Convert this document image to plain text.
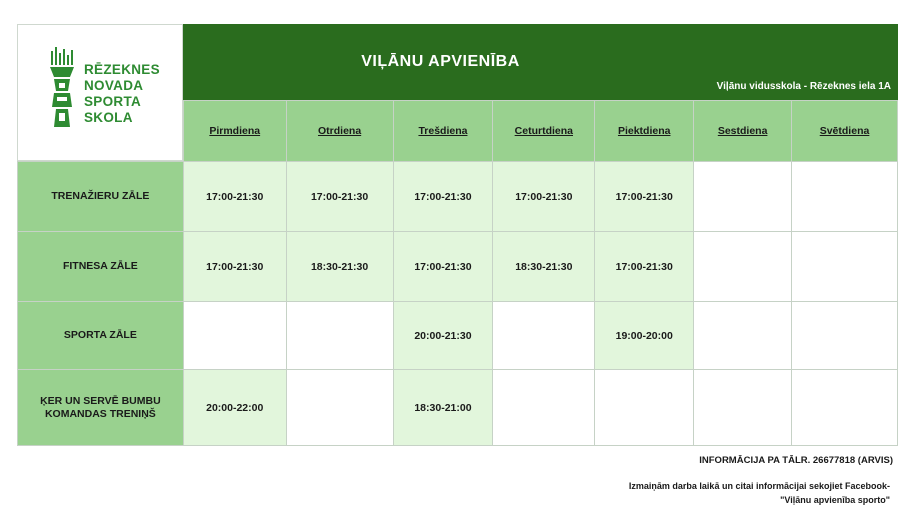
RĒZEKNES
NOVADA
SPORTA
SKOLA
VIĻĀNU APVIENĪBA
Viļānu vidusskola - Rēzeknes iela 1A
	Pirmdiena	Otrdiena	Trešdiena	Ceturtdiena	Piektdiena	Sestdiena	Svētdiena
TRENAŽIERU ZĀLE	17:00-21:30	17:00-21:30	17:00-21:30	17:00-21:30	17:00-21:30		
FITNESA ZĀLE	17:00-21:30	18:30-21:30	17:00-21:30	18:30-21:30	17:00-21:30		
SPORTA ZĀLE			20:00-21:30		19:00-20:00		

ĶER UN SERVĒ BUMBU
KOMANDAS TRENIŅŠ	20:00-22:00		18:30-21:00				
INFORMĀCIJA PA TĀLR. 26677818 (ARVIS)
Izmaiņām darba laikā un citai informācijai sekojiet Facebook-
"Viļānu apvienība sporto"
